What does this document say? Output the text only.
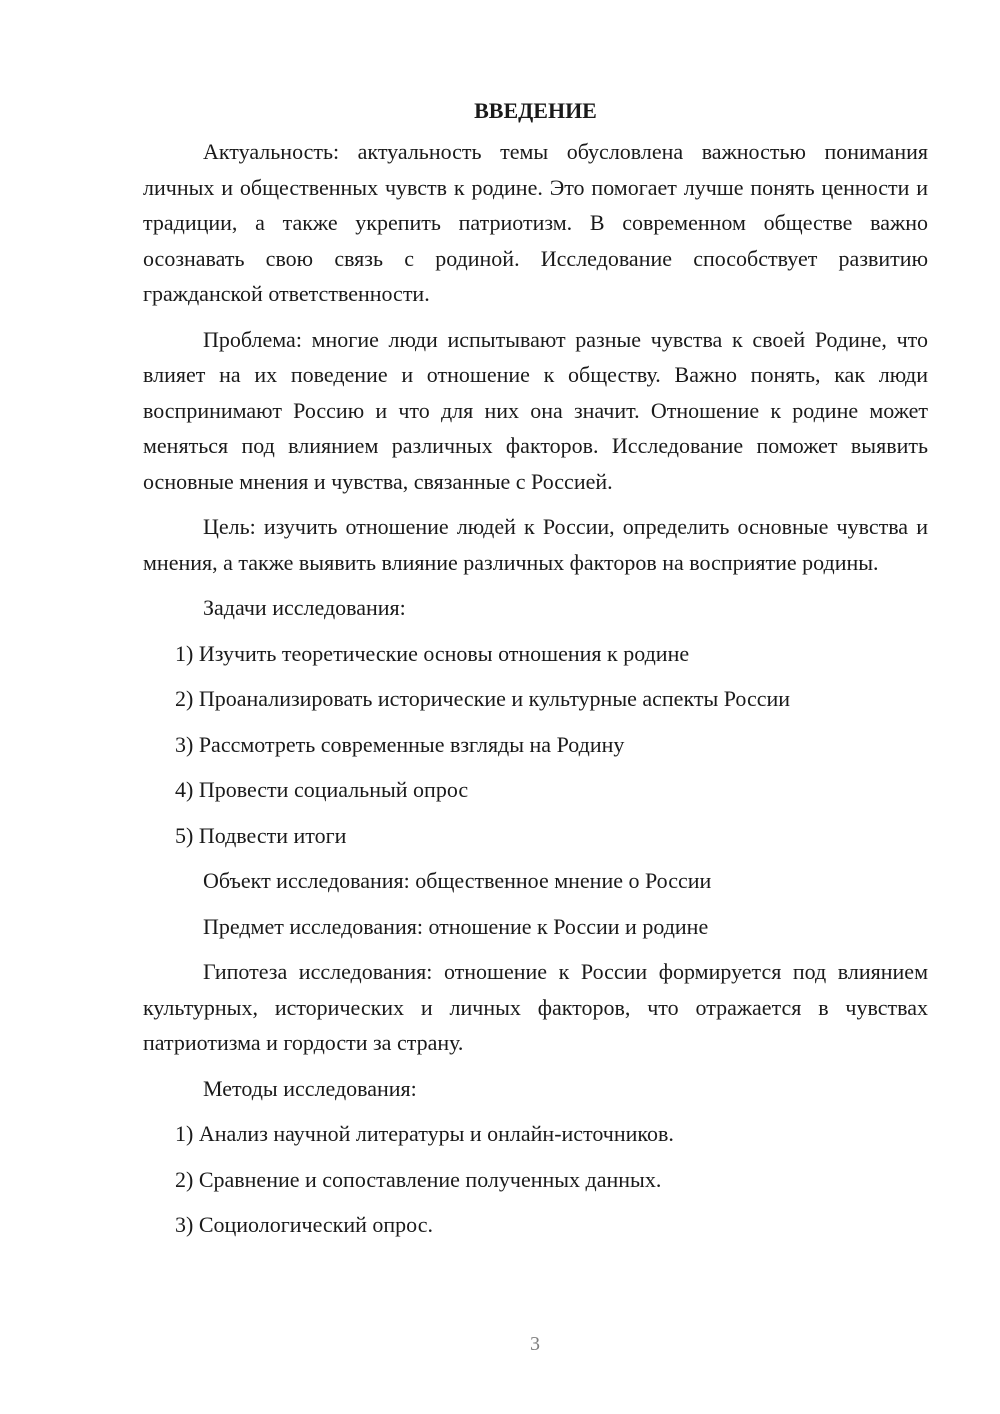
ВВЕДЕНИЕ
Актуальность: актуальность темы обусловлена важностью понимания личных и общественных чувств к родине. Это помогает лучше понять ценности и традиции, а также укрепить патриотизм. В современном обществе важно осознавать свою связь с родиной. Исследование способствует развитию гражданской ответственности.
Проблема: многие люди испытывают разные чувства к своей Родине, что влияет на их поведение и отношение к обществу. Важно понять, как люди воспринимают Россию и что для них она значит. Отношение к родине может меняться под влиянием различных факторов. Исследование поможет выявить основные мнения и чувства, связанные с Россией.
Цель: изучить отношение людей к России, определить основные чувства и мнения, а также выявить влияние различных факторов на восприятие родины.
Задачи исследования:
1) Изучить теоретические основы отношения к родине
2) Проанализировать исторические и культурные аспекты России
3) Рассмотреть современные взгляды на Родину
4) Провести социальный опрос
5) Подвести итоги
Объект исследования: общественное мнение о России
Предмет исследования: отношение к России и родине
Гипотеза исследования: отношение к России формируется под влиянием культурных, исторических и личных факторов, что отражается в чувствах патриотизма и гордости за страну.
Методы исследования:
1) Анализ научной литературы и онлайн-источников.
2) Сравнение и сопоставление полученных данных.
3) Социологический опрос.
3
